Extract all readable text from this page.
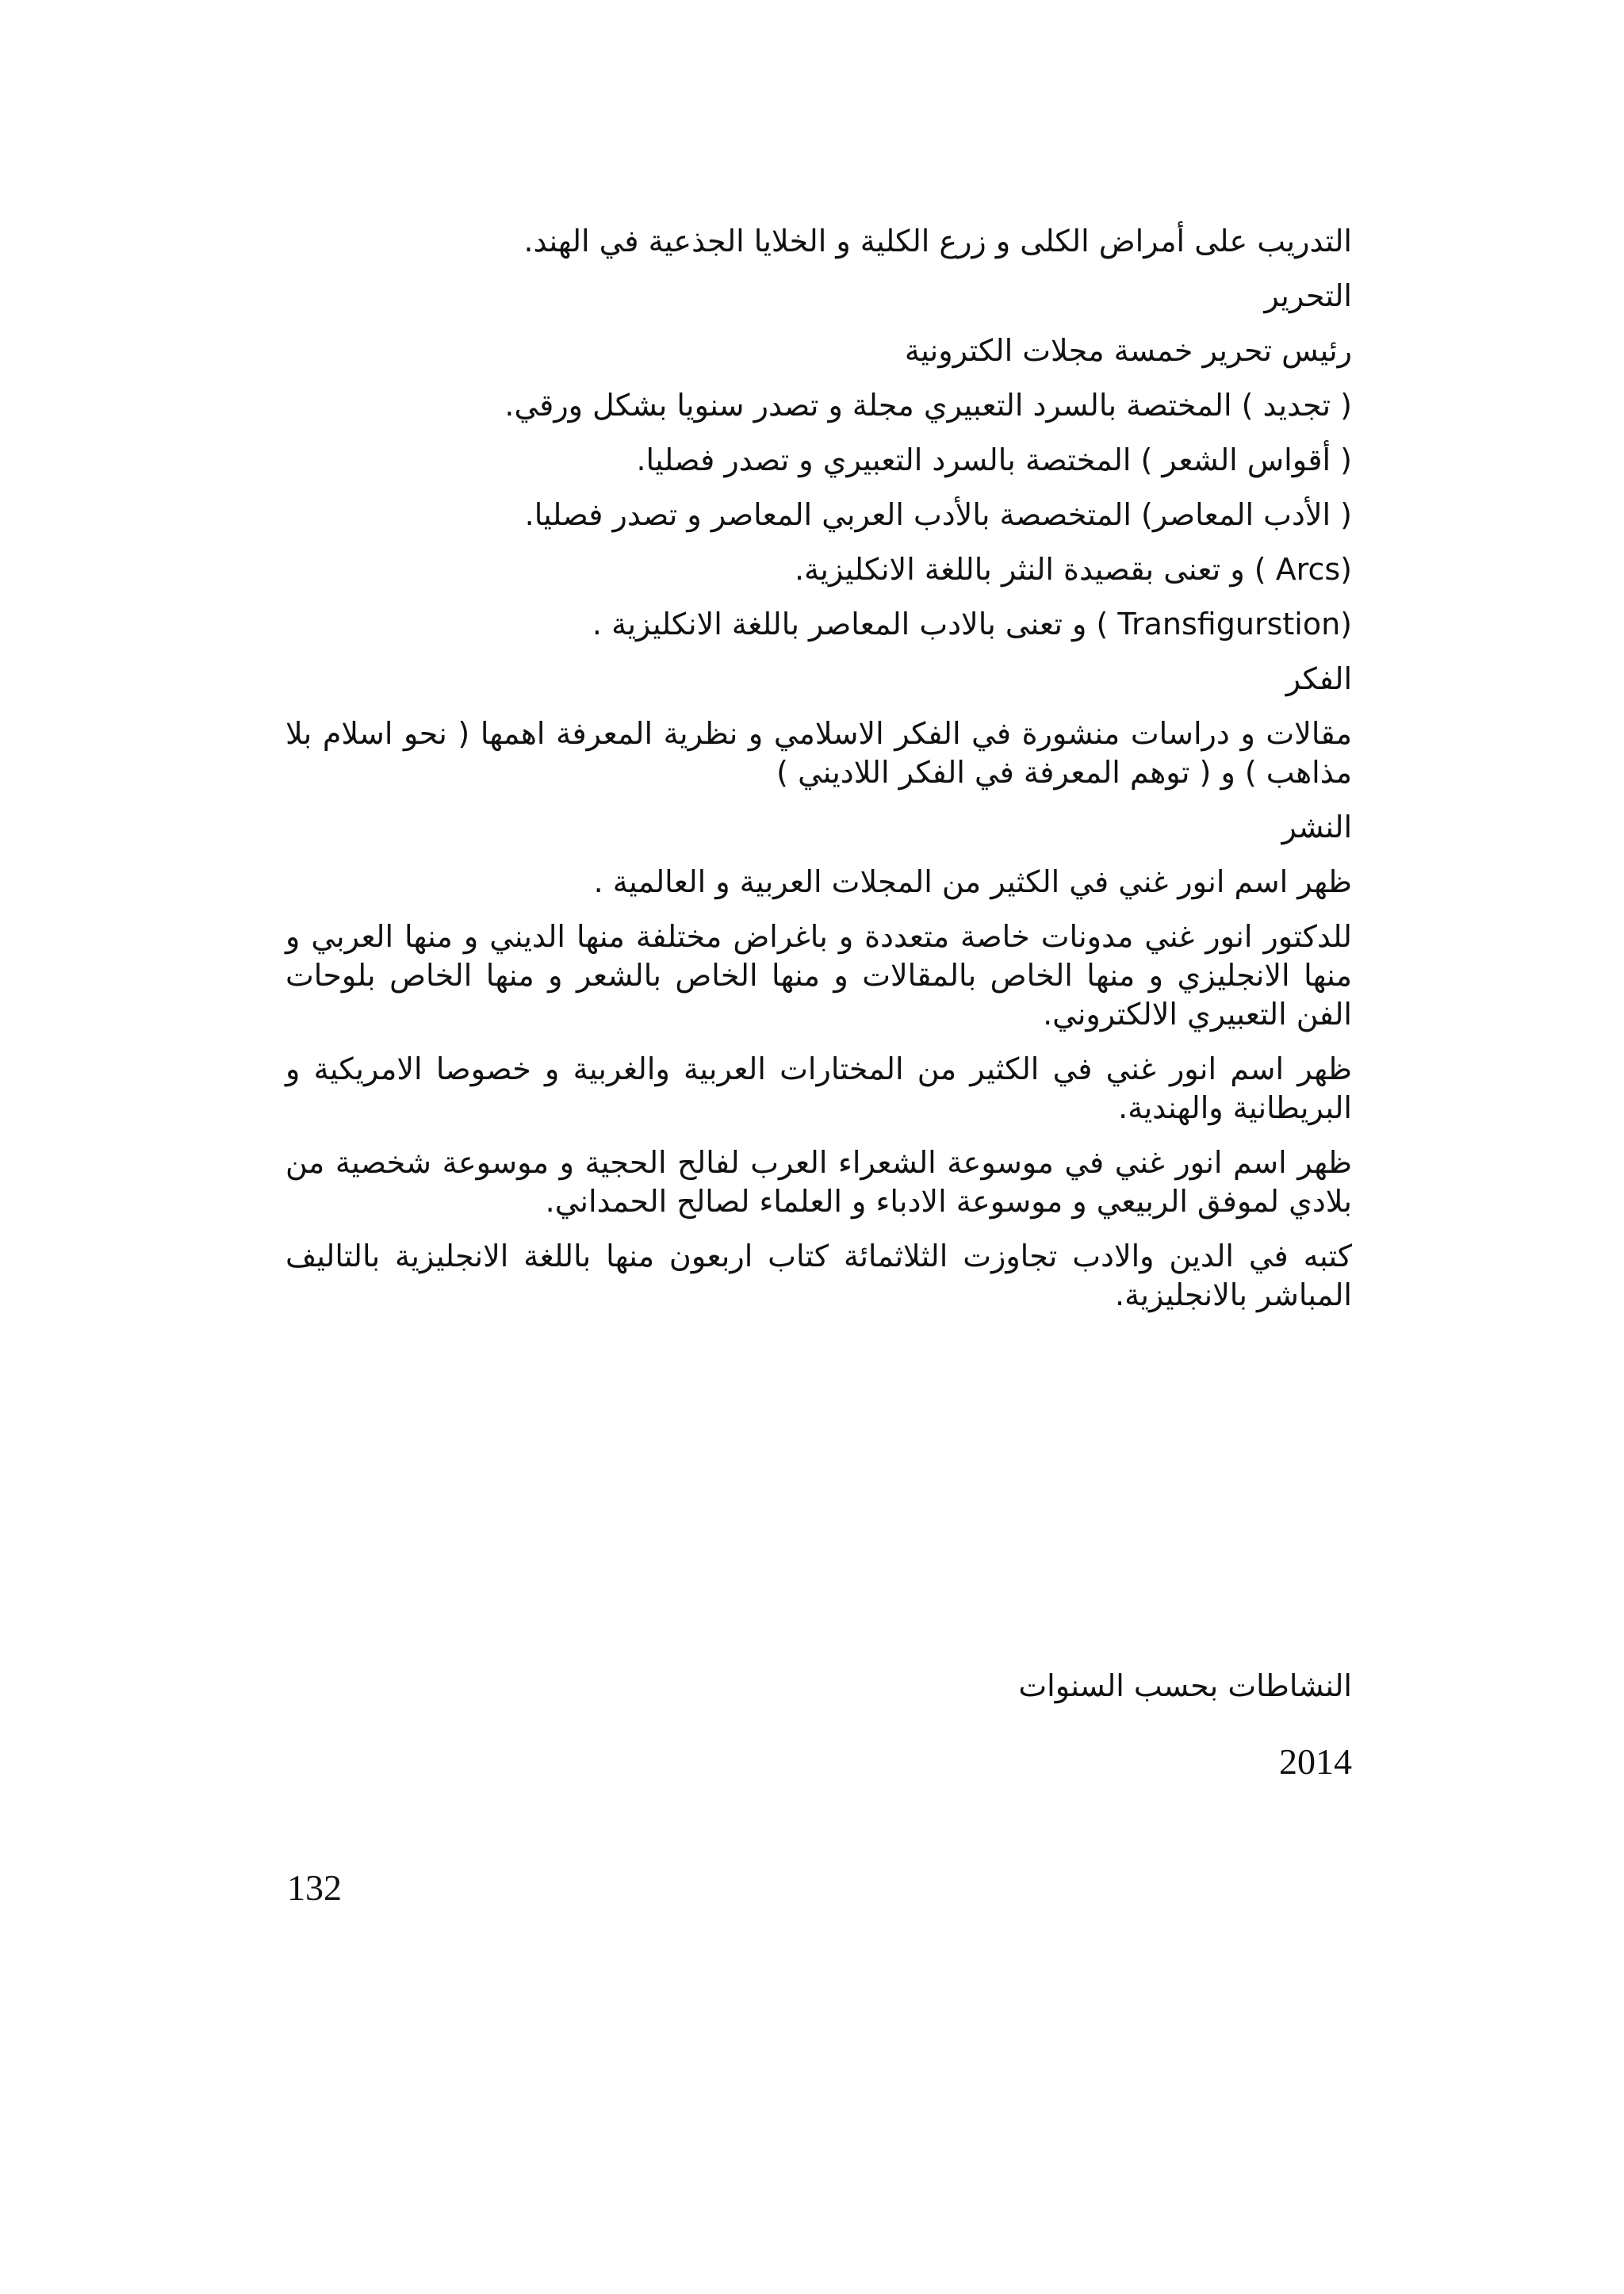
التدريب على أمراض الكلى و زرع الكلية و الخلايا الجذعية في الهند.

التحرير

رئيس تحرير خمسة مجلات الكترونية

( تجديد ) المختصة بالسرد التعبيري مجلة و تصدر سنويا بشكل ورقي.

( أقواس الشعر ) المختصة بالسرد التعبيري و تصدر فصليا.

( الأدب المعاصر) المتخصصة بالأدب العربي المعاصر و تصدر فصليا.

(Arcs ) و تعنى بقصيدة النثر باللغة الانكليزية.

(Transfigurstion ) و تعنى بالادب المعاصر باللغة الانكليزية .

الفكر

مقالات و دراسات منشورة في الفكر الاسلامي و نظرية المعرفة اهمها ( نحو اسلام بلا مذاهب ) و ( توهم المعرفة في الفكر اللاديني )

النشر

ظهر اسم انور غني في الكثير من المجلات العربية و العالمية .

للدكتور انور غني مدونات خاصة متعددة و باغراض مختلفة منها الديني و منها العربي و منها الانجليزي و منها الخاص بالمقالات و منها الخاص بالشعر و منها الخاص بلوحات الفن التعبيري الالكتروني.

ظهر اسم انور غني في الكثير من المختارات العربية والغربية و خصوصا الامريكية و البريطانية والهندية.

ظهر اسم انور غني في موسوعة الشعراء العرب لفالح الحجية و موسوعة شخصية من بلادي لموفق الربيعي و موسوعة الادباء و العلماء لصالح الحمداني.

كتبه في الدين والادب تجاوزت الثلاثمائة كتاب اربعون منها باللغة الانجليزية بالتاليف المباشر بالانجليزية.

النشاطات بحسب السنوات

2014
132
